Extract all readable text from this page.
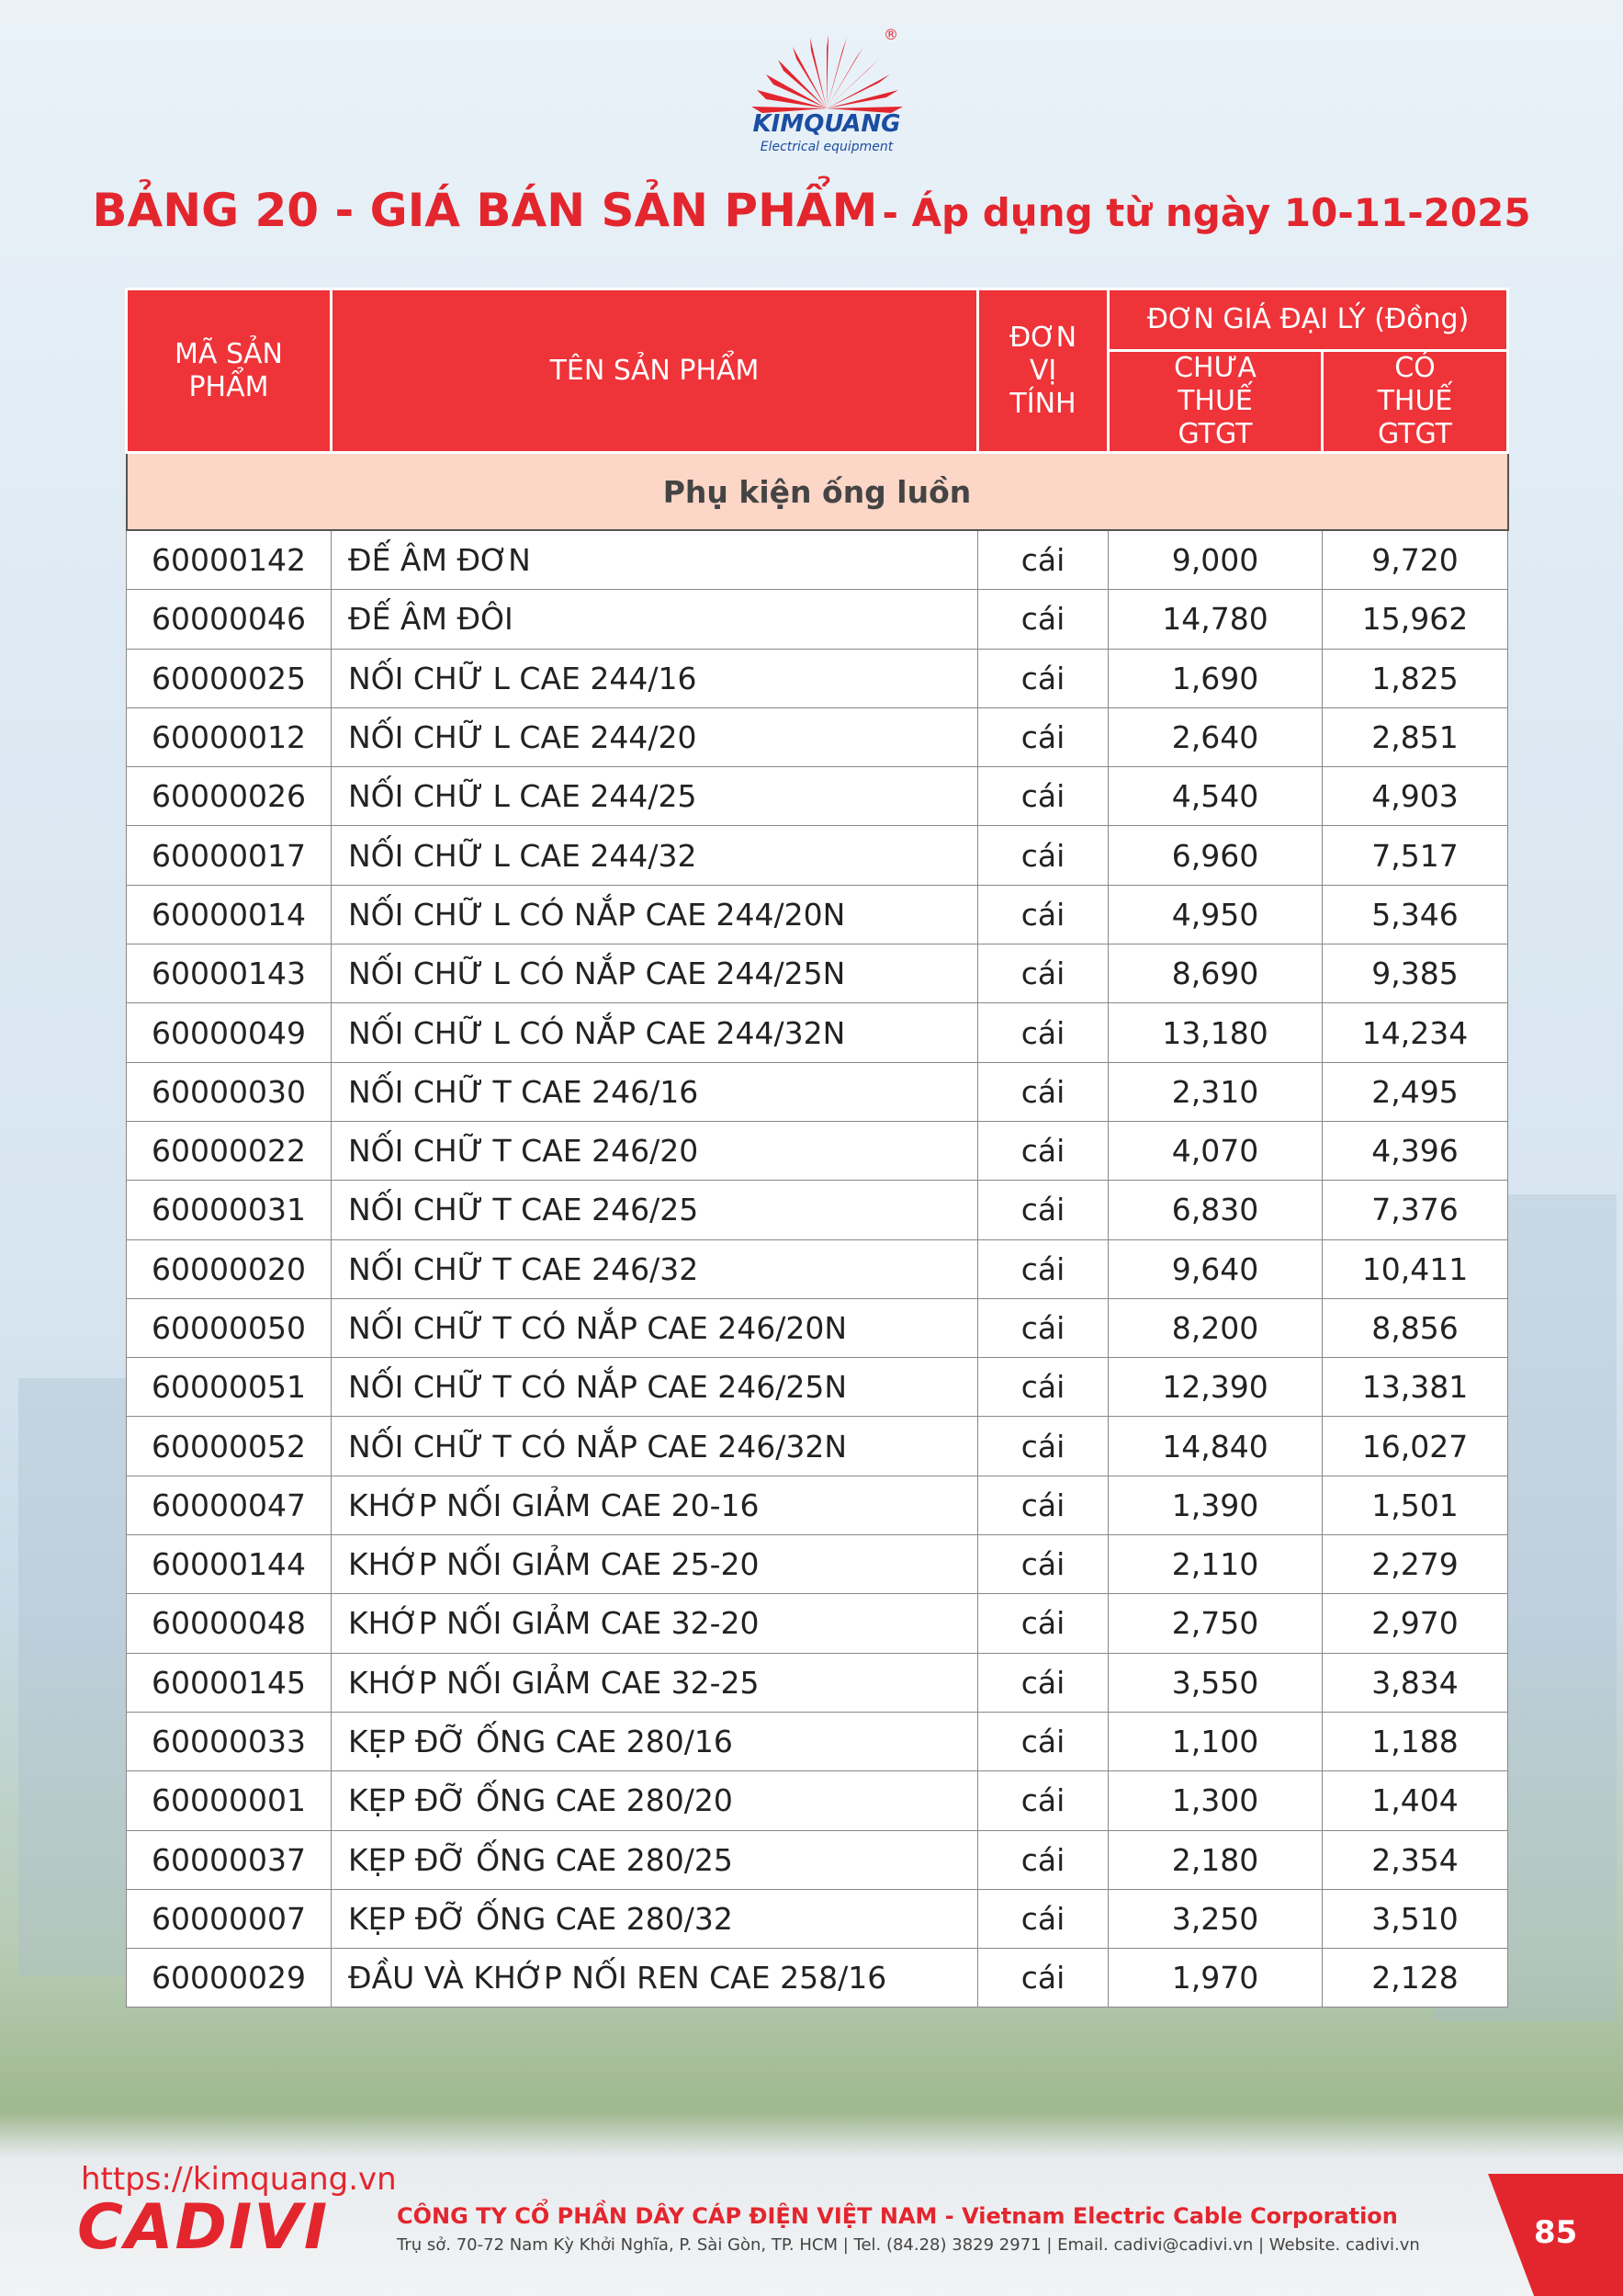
®
KIMQUANG
Electrical equipment
BẢNG 20 - GIÁ BÁN SẢN PHẨM - Áp dụng từ ngày 10-11-2025
MÃ SẢN PHẨM	TÊN SẢN PHẨM	ĐƠN VỊ TÍNH	ĐƠN GIÁ ĐẠI LÝ (Đồng)	

			CHƯA THUẾ GTGT	CÓ THUẾ GTGT

Phụ kiện ống luồn				
60000142	ĐẾ ÂM ĐƠN	cái	9,000	9,720
60000046	ĐẾ ÂM ĐÔI	cái	14,780	15,962
60000025	NỐI CHỮ L CAE 244/16	cái	1,690	1,825
60000012	NỐI CHỮ L CAE 244/20	cái	2,640	2,851
60000026	NỐI CHỮ L CAE 244/25	cái	4,540	4,903
60000017	NỐI CHỮ L CAE 244/32	cái	6,960	7,517
60000014	NỐI CHỮ L CÓ NẮP CAE 244/20N	cái	4,950	5,346
60000143	NỐI CHỮ L CÓ NẮP CAE 244/25N	cái	8,690	9,385
60000049	NỐI CHỮ L CÓ NẮP CAE 244/32N	cái	13,180	14,234
60000030	NỐI CHỮ T CAE 246/16	cái	2,310	2,495
60000022	NỐI CHỮ T CAE 246/20	cái	4,070	4,396
60000031	NỐI CHỮ T CAE 246/25	cái	6,830	7,376
60000020	NỐI CHỮ T CAE 246/32	cái	9,640	10,411
60000050	NỐI CHỮ T CÓ NẮP CAE 246/20N	cái	8,200	8,856
60000051	NỐI CHỮ T CÓ NẮP CAE 246/25N	cái	12,390	13,381
60000052	NỐI CHỮ T CÓ NẮP CAE 246/32N	cái	14,840	16,027
60000047	KHỚP NỐI GIẢM CAE 20-16	cái	1,390	1,501
60000144	KHỚP NỐI GIẢM CAE 25-20	cái	2,110	2,279
60000048	KHỚP NỐI GIẢM CAE 32-20	cái	2,750	2,970
60000145	KHỚP NỐI GIẢM CAE 32-25	cái	3,550	3,834
60000033	KẸP ĐỠ ỐNG CAE 280/16	cái	1,100	1,188
60000001	KẸP ĐỠ ỐNG CAE 280/20	cái	1,300	1,404
60000037	KẸP ĐỠ ỐNG CAE 280/25	cái	2,180	2,354
60000007	KẸP ĐỠ ỐNG CAE 280/32	cái	3,250	3,510
60000029	ĐẦU VÀ KHỚP NỐI REN CAE 258/16	cái	1,970	2,128
https://kimquang.vn
CADIVI	CÔNG TY CỔ PHẦN DÂY CÁP ĐIỆN VIỆT NAM - Vietnam Electric Cable Corporation
Trụ sở. 70-72 Nam Kỳ Khởi Nghĩa, P. Sài Gòn, TP. HCM | Tel. (84.28) 3829 2971 | Email. cadivi@cadivi.vn | Website. cadivi.vn	85
